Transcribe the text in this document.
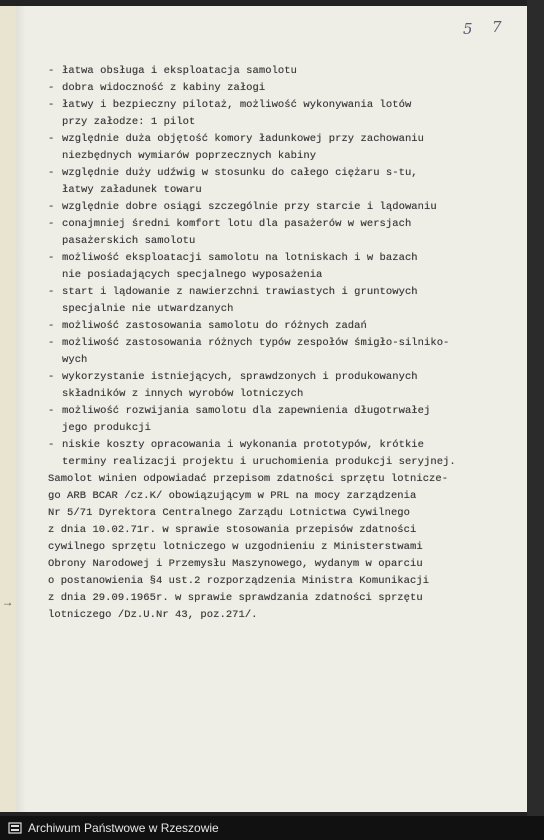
5 7
→
- łatwa obsługa i eksploatacja samolotu
- dobra widoczność z kabiny załogi
- łatwy i bezpieczny pilotaż, możliwość wykonywania lotów
przy załodze: 1 pilot
- względnie duża objętość komory ładunkowej przy zachowaniu
niezbędnych wymiarów poprzecznych kabiny
- względnie duży udźwig w stosunku do całego ciężaru s-tu,
łatwy załadunek towaru
- względnie dobre osiągi szczególnie przy starcie i lądowaniu
- conajmniej średni komfort lotu dla pasażerów w wersjach
pasażerskich samolotu
- możliwość eksploatacji samolotu na lotniskach i w bazach
nie posiadających specjalnego wyposażenia
- start i lądowanie z nawierzchni trawiastych i gruntowych
specjalnie nie utwardzanych
- możliwość zastosowania samolotu do różnych zadań
- możliwość zastosowania różnych typów zespołów śmigło-silniko-
wych
- wykorzystanie istniejących, sprawdzonych i produkowanych
składników z innych wyrobów lotniczych
- możliwość rozwijania samolotu dla zapewnienia długotrwałej
jego produkcji
- niskie koszty opracowania i wykonania prototypów, krótkie
terminy realizacji projektu i uruchomienia produkcji seryjnej.
Samolot winien odpowiadać przepisom zdatności sprzętu lotnicze-
go ARB BCAR /cz.K/ obowiązującym w PRL na mocy zarządzenia
Nr 5/71 Dyrektora Centralnego Zarządu Lotnictwa Cywilnego
z dnia 10.02.71r. w sprawie stosowania przepisów zdatności
cywilnego sprzętu lotniczego w uzgodnieniu z Ministerstwami
Obrony Narodowej i Przemysłu Maszynowego, wydanym w oparciu
o postanowienia §4 ust.2 rozporządzenia Ministra Komunikacji
z dnia 29.09.1965r. w sprawie sprawdzania zdatności sprzętu
lotniczego /Dz.U.Nr 43, poz.271/.
Archiwum Państwowe w Rzeszowie
